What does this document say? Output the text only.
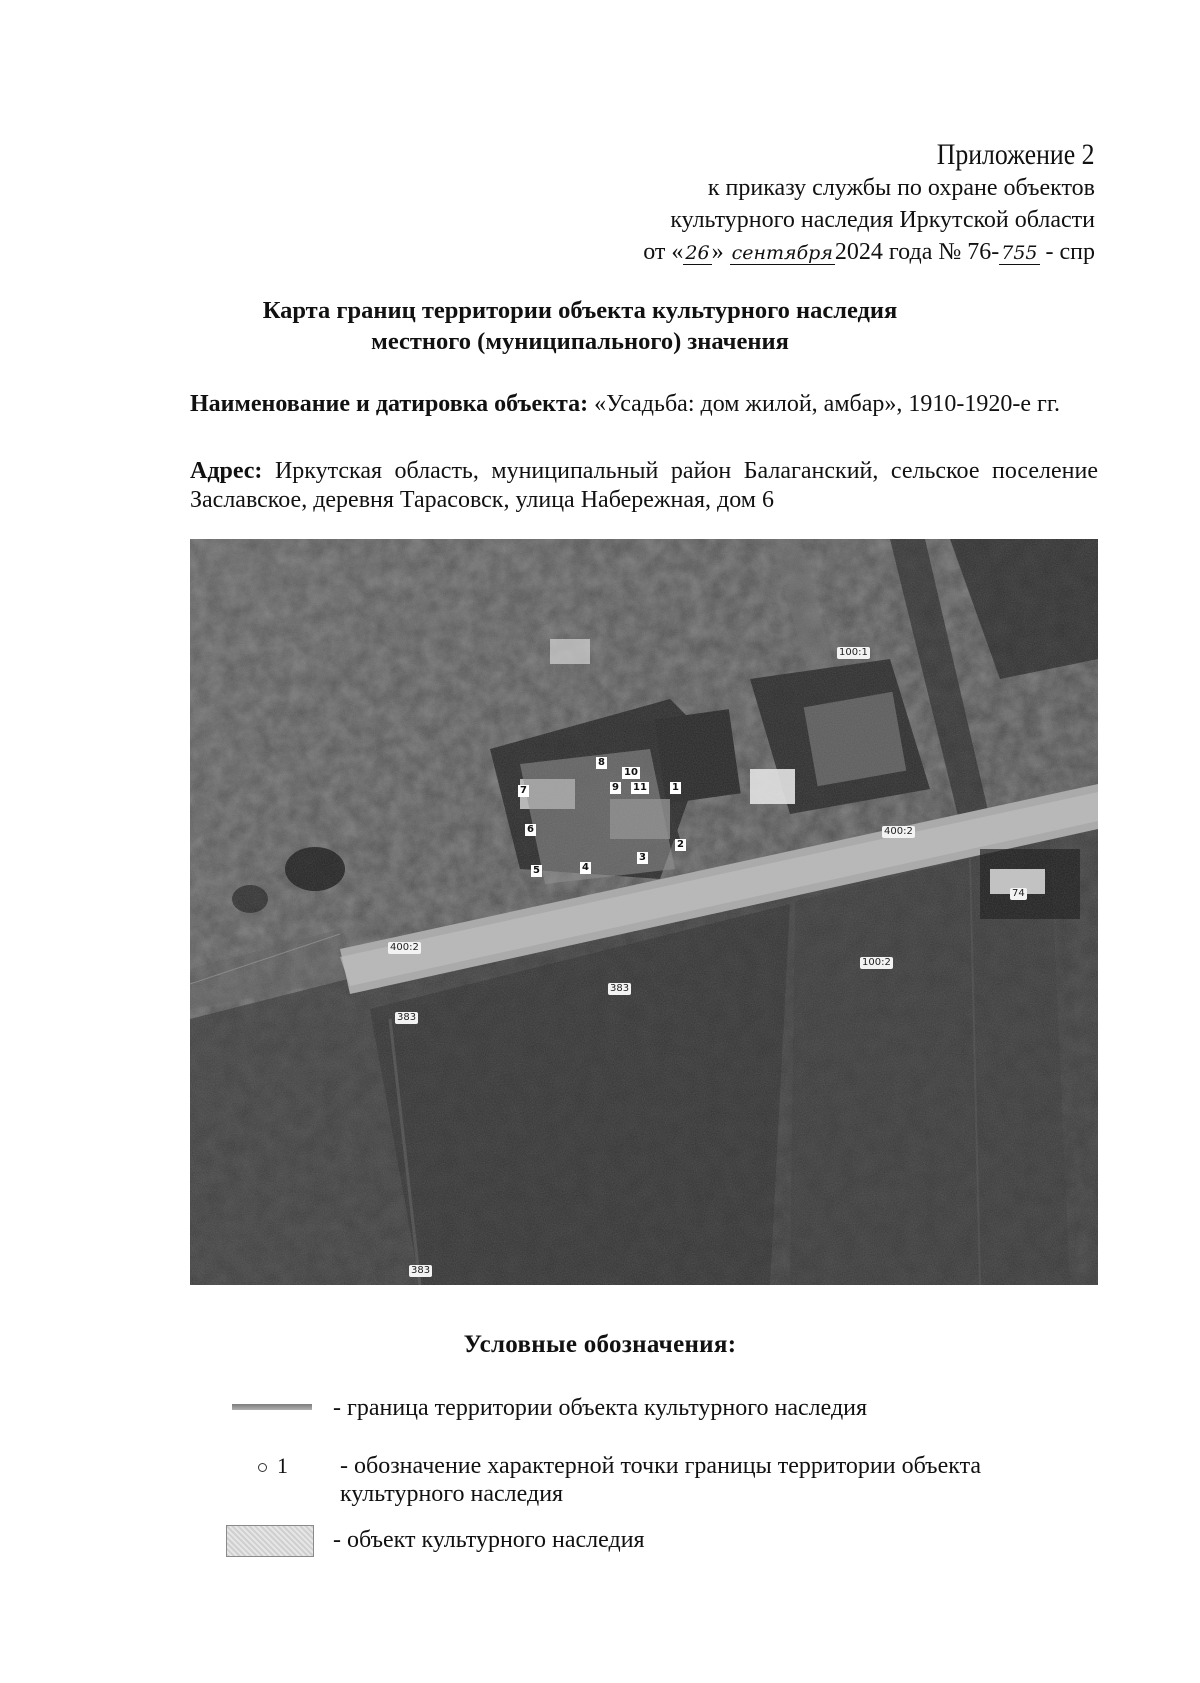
Приложение 2
к приказу службы по охране объектов
культурного наследия Иркутской области
от « 26» сентября2024 года № 76- 755 - спр
Карта границ территории объекта культурного наследия
местного (муниципального) значения
Наименование и датировка объекта: «Усадьба: дом жилой, амбар», 1910-1920-е гг.
Адрес: Иркутская область, муниципальный район Балаганский, сельское поселение Заславское, деревня Тарасовск, улица Набережная, дом 6
1
2
3
4
5
6
7
8
9
10
11
100:1
400:2
400:2
74
100:2
383
383
383
Условные обозначения:
- граница территории объекта культурного наследия
1 - обозначение характерной точки границы территории объекта культурного наследия
- объект культурного наследия
